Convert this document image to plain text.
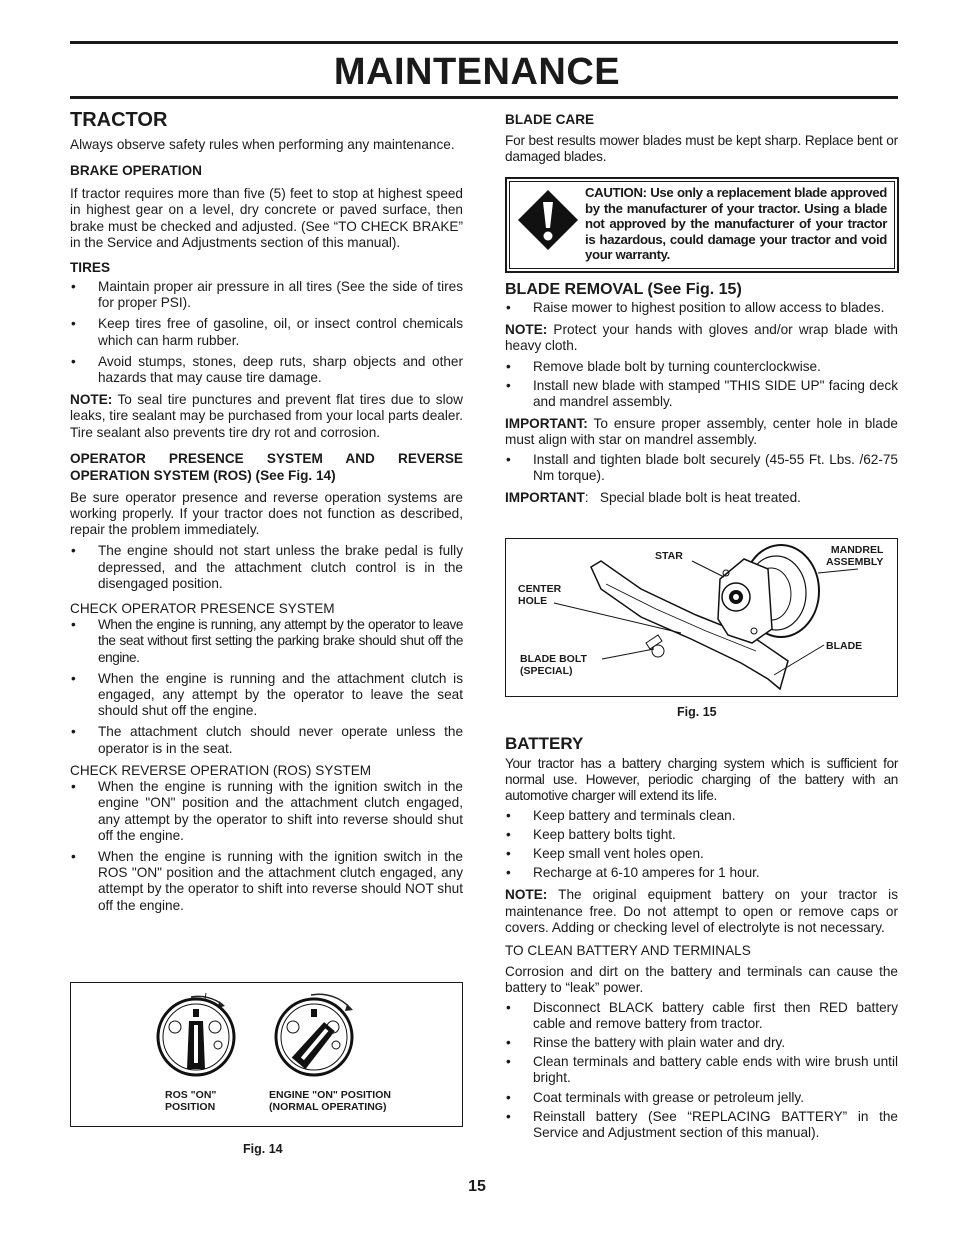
MAINTENANCE

TRACTOR

Always observe safety rules when performing any maintenance.

BRAKE OPERATION

If tractor requires more than five (5) feet to stop at highest speed in highest gear on a level, dry concrete or paved surface, then brake must be checked and adjusted. (See “TO CHECK BRAKE” in the Service and Adjustments section of this manual).

TIRES

• Maintain proper air pressure in all tires (See the side of tires for proper PSI).
• Keep tires free of gasoline, oil, or insect control chemicals which can harm rubber.
• Avoid stumps, stones, deep ruts, sharp objects and other hazards that may cause tire damage.

NOTE: To seal tire punctures and prevent flat tires due to slow leaks, tire sealant may be purchased from your local parts dealer. Tire sealant also prevents tire dry rot and corrosion.

OPERATOR PRESENCE SYSTEM AND REVERSE OPERATION SYSTEM (ROS) (See Fig. 14)

Be sure operator presence and reverse operation systems are working properly. If your tractor does not function as described, repair the problem immediately.

• The engine should not start unless the brake pedal is fully depressed, and the attachment clutch control is in the disengaged position.

CHECK OPERATOR PRESENCE SYSTEM

• When the engine is running, any attempt by the operator to leave the seat without first setting the parking brake should shut off the engine.
• When the engine is running and the attachment clutch is engaged, any attempt by the operator to leave the seat should shut off the engine.
• The attachment clutch should never operate unless the operator is in the seat.

CHECK REVERSE OPERATION (ROS) SYSTEM

• When the engine is running with the ignition switch in the engine "ON" position and the attachment clutch engaged, any attempt by the operator to shift into reverse should shut off the engine.
• When the engine is running with the ignition switch in the ROS "ON" position and the attachment clutch engaged, any attempt by the operator to shift into reverse should NOT shut off the engine.
ROS "ON"
POSITION
ENGINE "ON" POSITION
(NORMAL OPERATING)
Fig. 14

BLADE CARE

For best results mower blades must be kept sharp. Replace bent or damaged blades.

CAUTION: Use only a replacement blade approved by the manufacturer of your tractor. Using a blade not approved by the manufacturer of your tractor is hazardous, could damage your tractor and void your warranty.

BLADE REMOVAL (See Fig. 15)

• Raise mower to highest position to allow access to blades.

NOTE: Protect your hands with gloves and/or wrap blade with heavy cloth.

• Remove blade bolt by turning counterclockwise.
• Install new blade with stamped "THIS SIDE UP" facing deck and mandrel assembly.

IMPORTANT: To ensure proper assembly, center hole in blade must align with star on mandrel assembly.

• Install and tighten blade bolt securely (45-55 Ft. Lbs. /62-75 Nm torque).

IMPORTANT:   Special blade bolt is heat treated.

STAR	MANDREL
ASSEMBLY
CENTER
HOLE
BLADE
BLADE BOLT
(SPECIAL)
Fig. 15

BATTERY

Your tractor has a battery charging system which is sufficient for normal use. However, periodic charging of the battery with an automotive charger will extend its life.

• Keep battery and terminals clean.
• Keep battery bolts tight.
• Keep small vent holes open.
• Recharge at 6-10 amperes for 1 hour.

NOTE: The original equipment battery on your tractor is maintenance free. Do not attempt to open or remove caps or covers. Adding or checking level of electrolyte is not necessary.

TO CLEAN BATTERY AND TERMINALS

Corrosion and dirt on the battery and terminals can cause the battery to “leak” power.

• Disconnect BLACK battery cable first then RED battery cable and remove battery from tractor.
• Rinse the battery with plain water and dry.
• Clean terminals and battery cable ends with wire brush until bright.
• Coat terminals with grease or petroleum jelly.
• Reinstall battery (See “REPLACING BATTERY” in the Service and Adjustment section of this manual).
15
